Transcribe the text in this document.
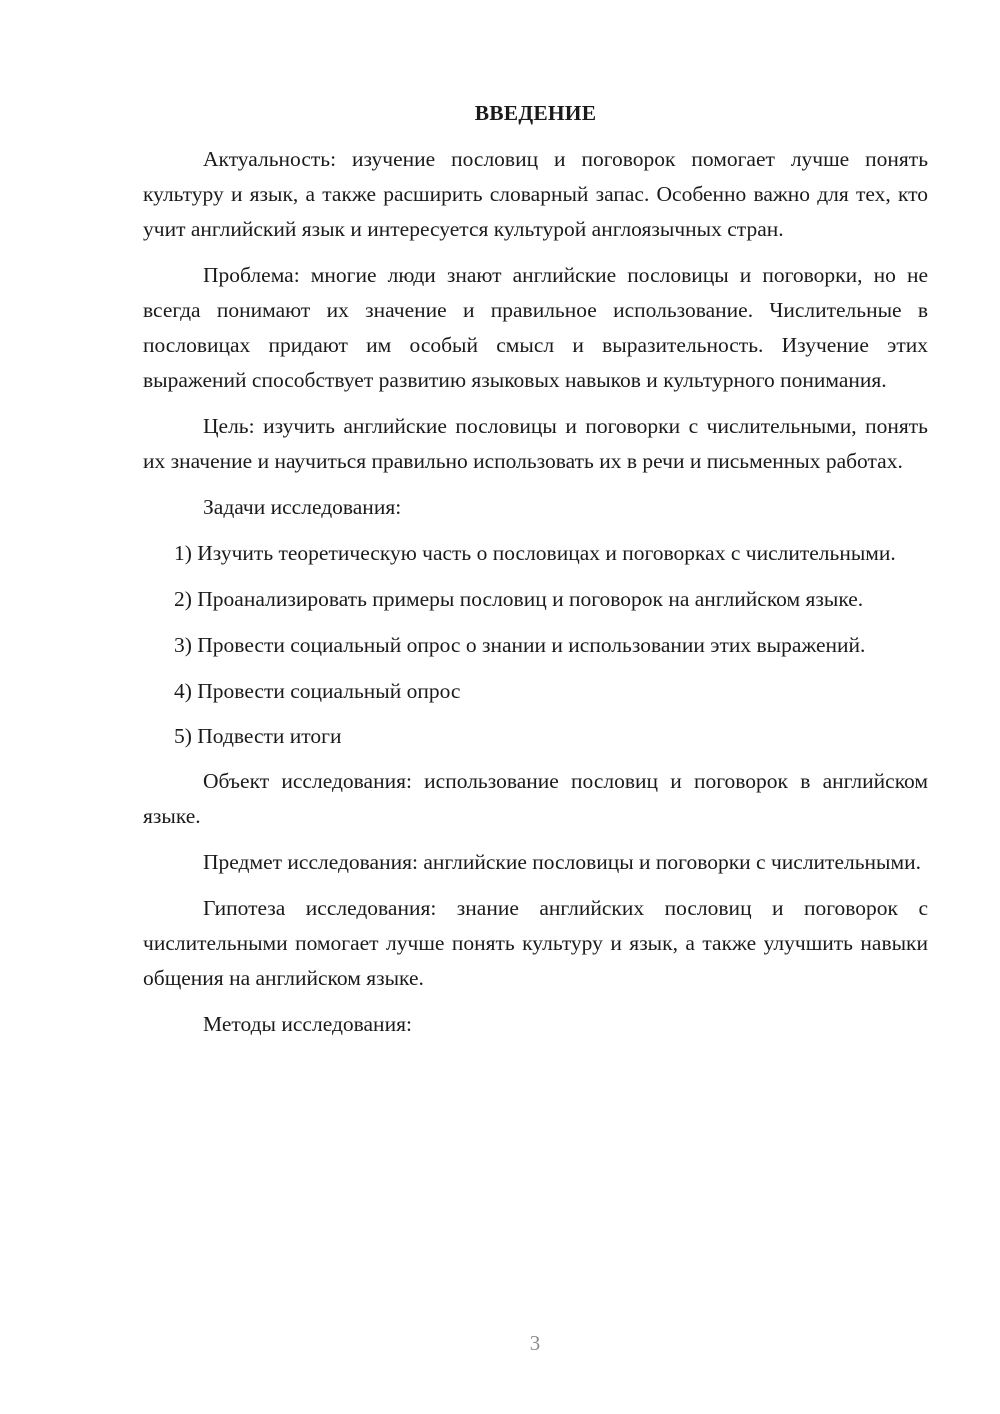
ВВЕДЕНИЕ

Актуальность: изучение пословиц и поговорок помогает лучше понять культуру и язык, а также расширить словарный запас. Особенно важно для тех, кто учит английский язык и интересуется культурой англоязычных стран.

Проблема: многие люди знают английские пословицы и поговорки, но не всегда понимают их значение и правильное использование. Числительные в пословицах придают им особый смысл и выразительность. Изучение этих выражений способствует развитию языковых навыков и культурного понимания.

Цель: изучить английские пословицы и поговорки с числительными, понять их значение и научиться правильно использовать их в речи и письменных работах.

Задачи исследования:

1) Изучить теоретическую часть о пословицах и поговорках с числительными.

2) Проанализировать примеры пословиц и поговорок на английском языке.

3) Провести социальный опрос о знании и использовании этих выражений.

4) Провести социальный опрос

5) Подвести итоги

Объект исследования: использование пословиц и поговорок в английском языке.

Предмет исследования: английские пословицы и поговорки с числительными.

Гипотеза исследования: знание английских пословиц и поговорок с числительными помогает лучше понять культуру и язык, а также улучшить навыки общения на английском языке.

Методы исследования:

3
